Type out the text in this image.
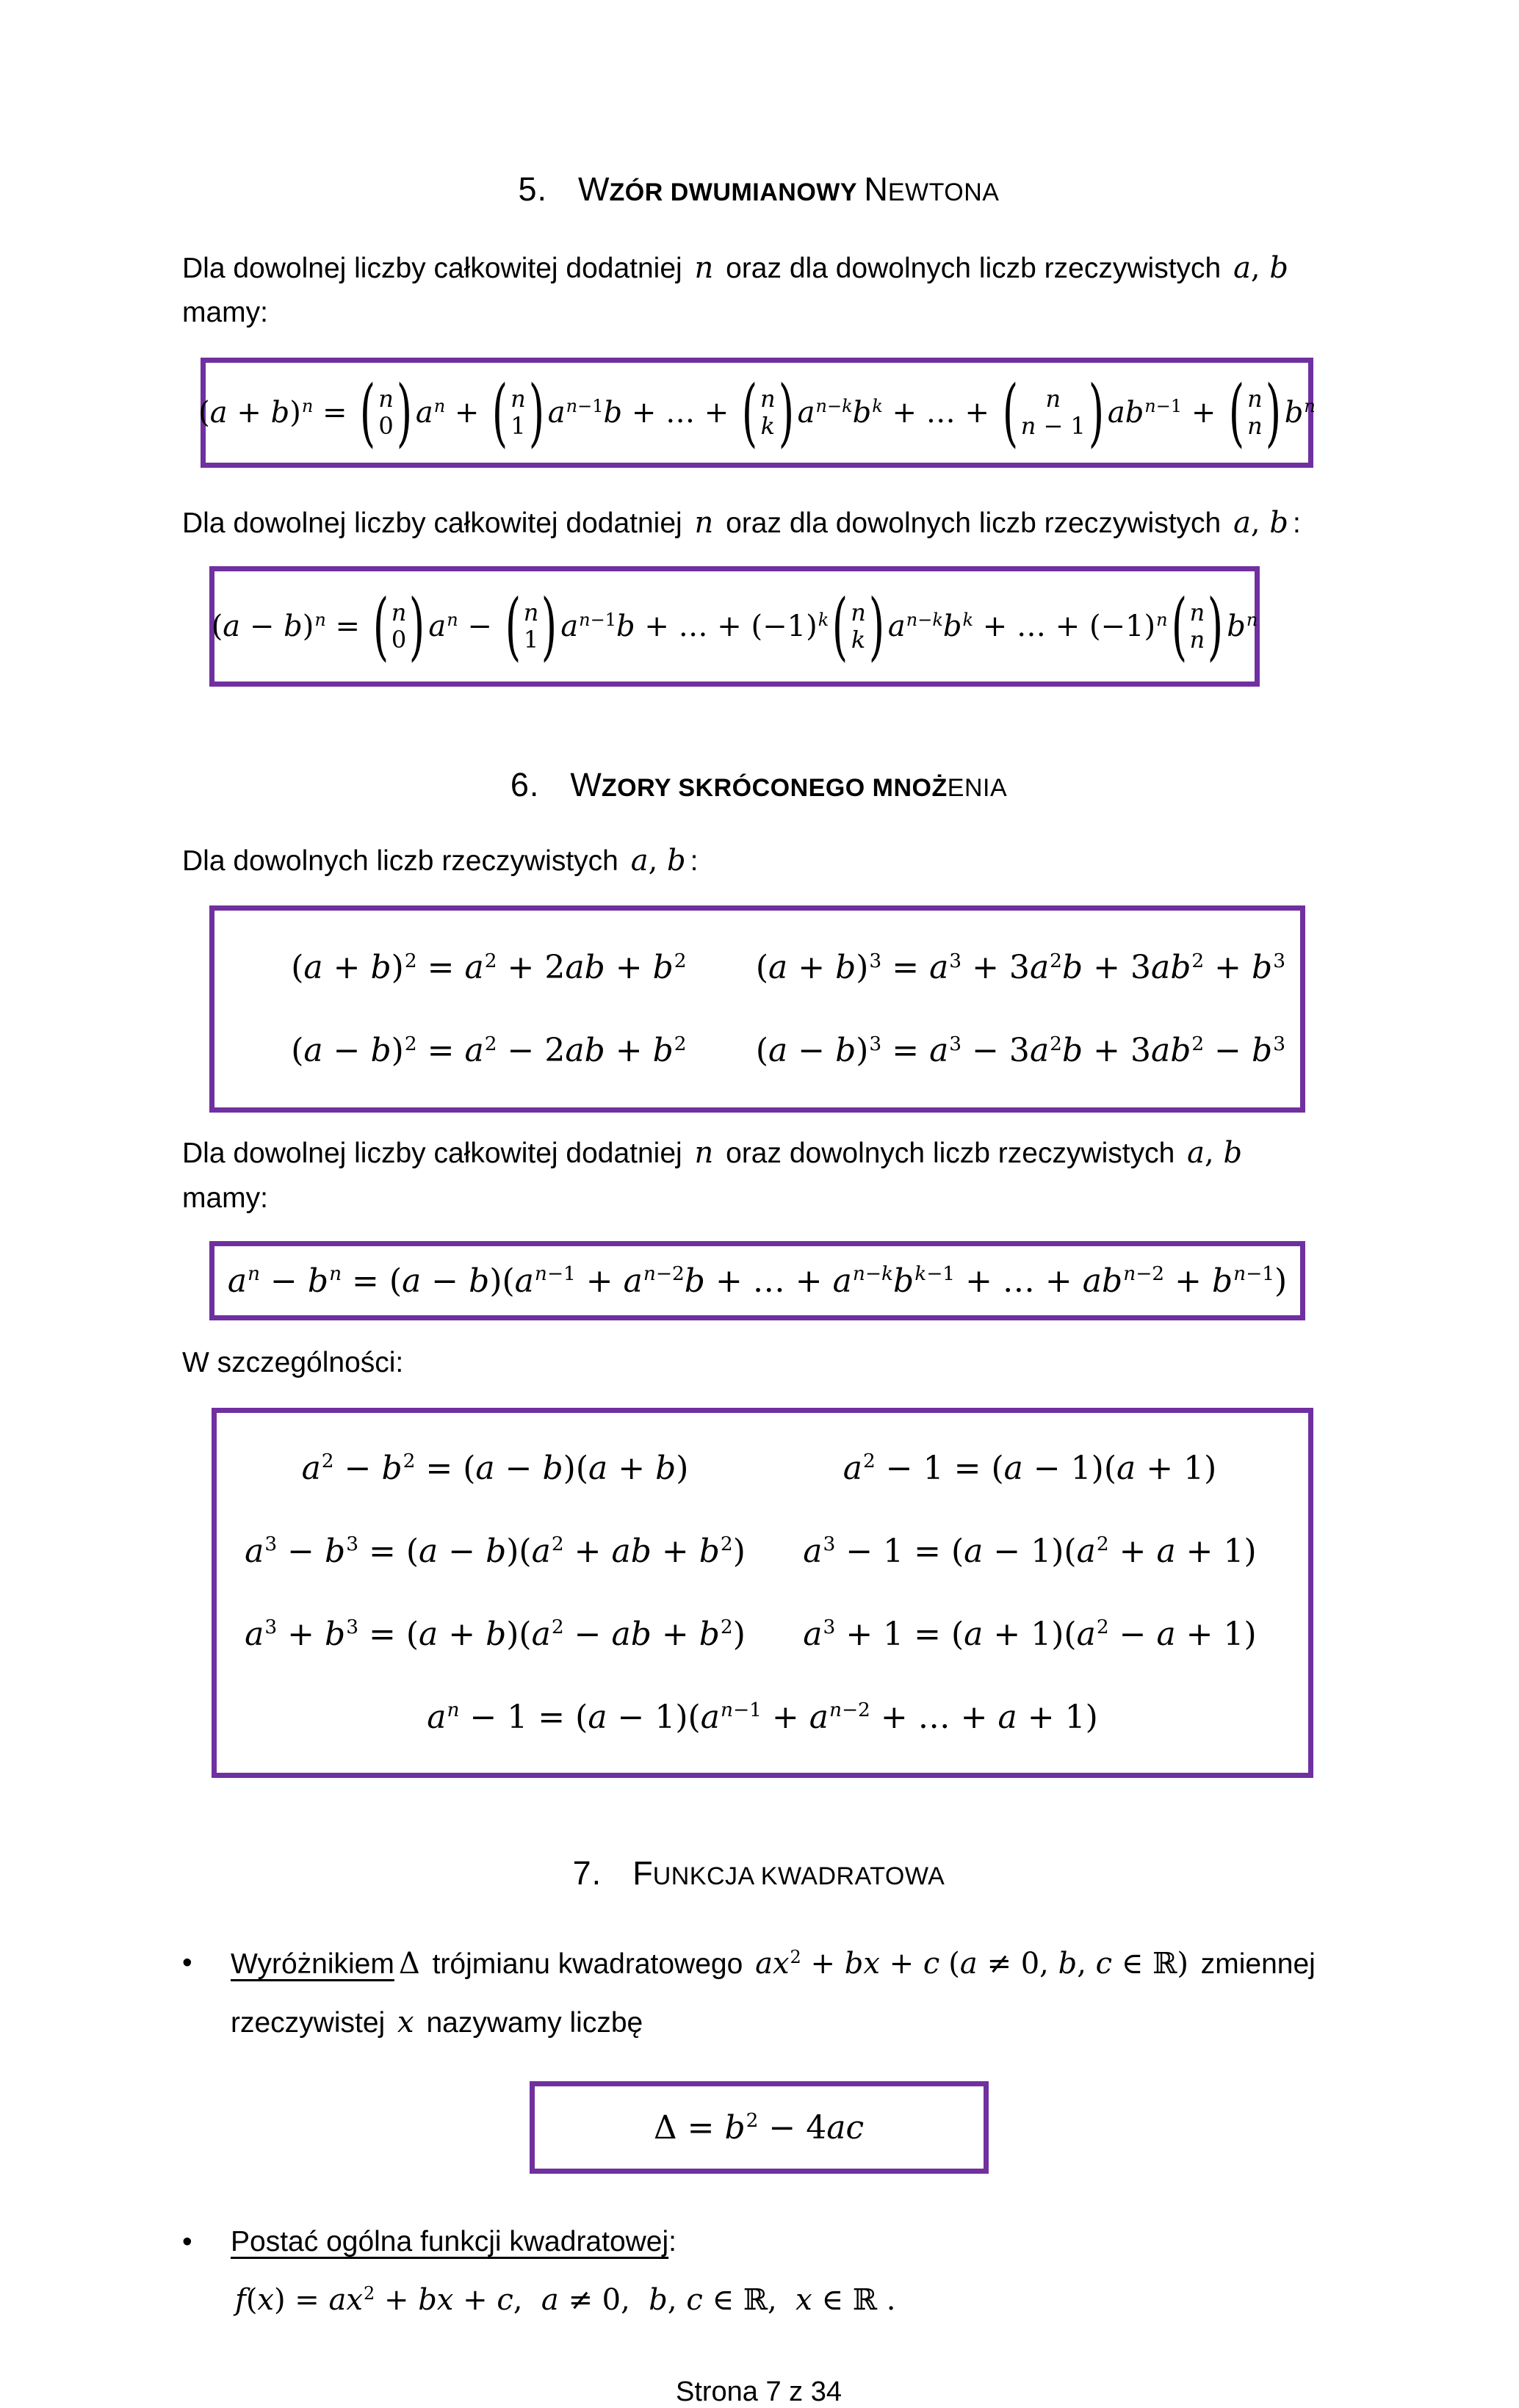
5. WZÓR DWUMIANOWY NEWTONA

Dla dowolnej liczby całkowitej dodatniej n oraz dla dowolnych liczb rzeczywistych a, b
mamy:

$(a + b)^n$ = ( n
0 ) $a^n$ + ( n
1 ) $a^{n-1}b$ + … + ( n
k ) $a^{n-k}b^k$ + … + ( n
n − 1 ) $ab^{n-1}$ + ( n
n ) $b^n$

Dla dowolnej liczby całkowitej dodatniej n oraz dla dowolnych liczb rzeczywistych a, b :

$(a - b)^n$ = ( n
0 ) $a^n$ − ( n
1 ) $a^{n-1}b$ + … + $(-1)^k$ ( n
k ) $a^{n-k}b^k$ + … + $(-1)^n$ ( n
n ) $b^n$
6. WZORY SKRÓCONEGO MNOŻENIA

Dla dowolnych liczb rzeczywistych a, b :

$(a + b)^2 = a^2 + 2ab + b^2$ $(a + b)^3 = a^3 + 3a^2b + 3ab^2 + b^3$
$(a - b)^2 = a^2 - 2ab + b^2$ $(a - b)^3 = a^3 - 3a^2b + 3ab^2 - b^3$

Dla dowolnej liczby całkowitej dodatniej n oraz dowolnych liczb rzeczywistych a, b mamy:

$a^n - b^n = (a - b)(a^{n-1} + a^{n-2}b$ + … + $a^{n-k}b^{k-1}$ + … + $ab^{n-2} + b^{n-1}$)

W szczególności:

$a^2 - b^2 = (a - b)(a + b)$	$a^2 - 1 = (a - 1)(a + 1)$
$a^3 - b^3 = (a - b)(a^2$ + ab + $b^2$) $a^3 - 1 = (a - 1)(a^2 + a + 1)$
$a^3 + b^3 = (a + b)(a^2$ − ab + $b^2$) $a^3 + 1 = (a + 1)(a^2 - a + 1)$
$a^n - 1 = (a - 1)(a^{n-1} + a^{n-2}$ + … + a + 1)
7. FUNKCJA KWADRATOWA
•	Wyróżnikiem Δ trójmianu kwadratowego $ax^2$ + bx + c (a ≠ 0, b, c ∈ ℝ) zmiennej
rzeczywistej x nazywamy liczbę
$\Delta = b^2 - 4ac$
•	Postać ogólna funkcji kwadratowej: $f(x) = ax^2$ + bx + c,  a ≠ 0,  b, c ∈ ℝ,  x ∈ ℝ .
Strona 7 z 34
